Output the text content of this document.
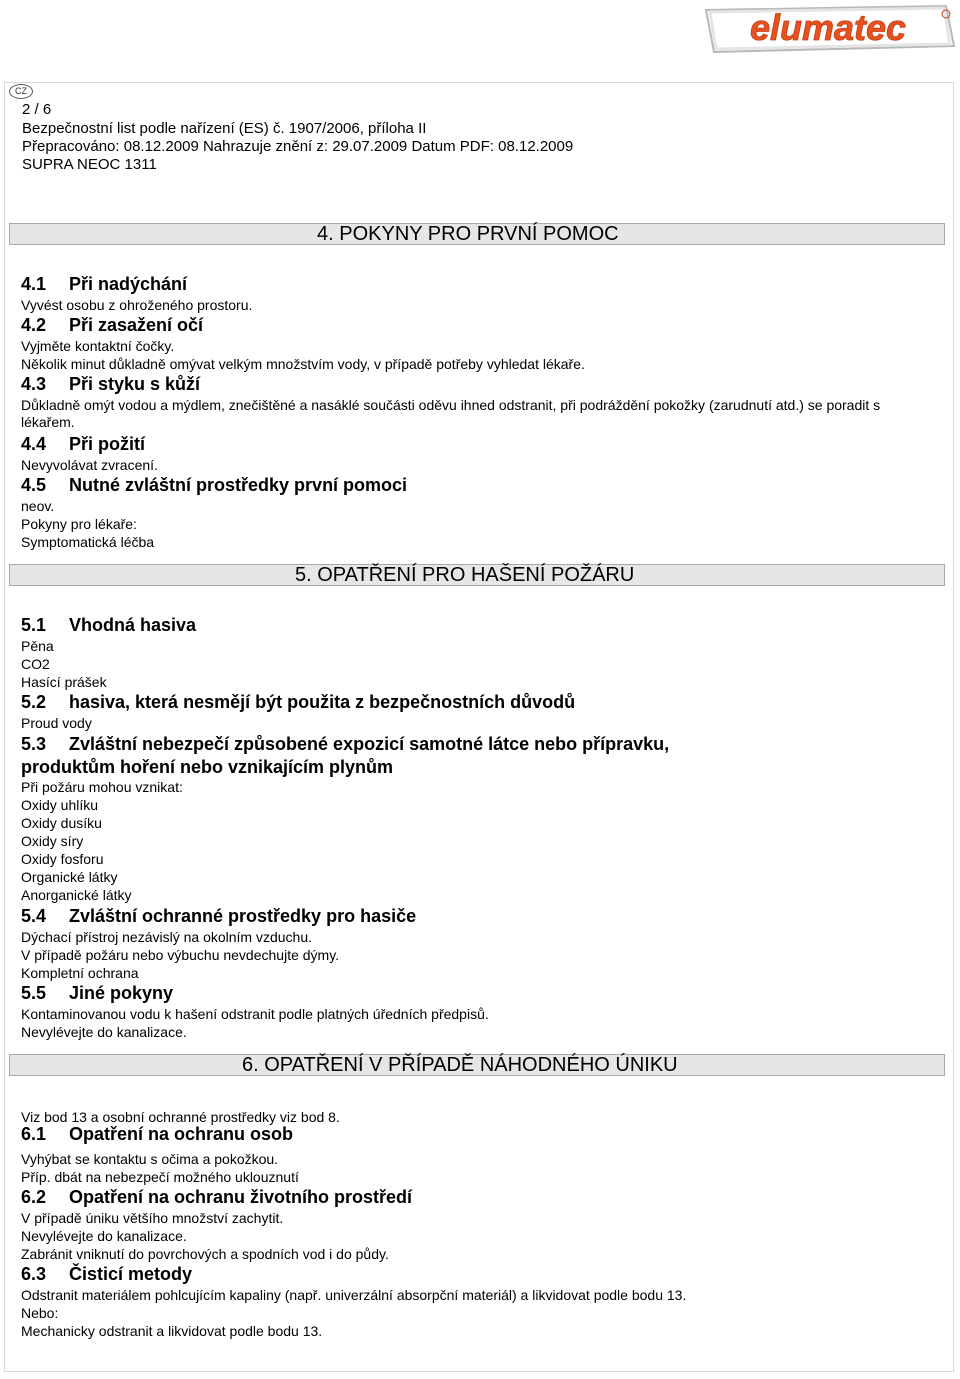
elumatec
CZ
2 / 6
Bezpečnostní list podle nařízení (ES) č. 1907/2006, příloha II
Přepracováno: 08.12.2009 Nahrazuje znění z: 29.07.2009 Datum PDF: 08.12.2009
SUPRA NEOC 1311
4. POKYNY PRO PRVNÍ POMOC
4.1 Při nadýchání
Vyvést osobu z ohroženého prostoru.
4.2 Při zasažení očí
Vyjměte kontaktní čočky.
Několik minut důkladně omývat velkým množstvím vody, v případě potřeby vyhledat lékaře.
4.3 Při styku s kůží
Důkladně omýt vodou a mýdlem, znečištěné a nasáklé součásti oděvu ihned odstranit, při podráždění pokožky (zarudnutí atd.) se poradit s lékařem.
4.4 Při požití
Nevyvolávat zvracení.
4.5 Nutné zvláštní prostředky první pomoci
neov.
Pokyny pro lékaře:
Symptomatická léčba
5. OPATŘENÍ PRO HAŠENÍ POŽÁRU
5.1 Vhodná hasiva
Pěna
CO2
Hasící prášek
5.2 hasiva, která nesmějí být použita z bezpečnostních důvodů
Proud vody
5.3 Zvláštní nebezpečí způsobené expozicí samotné látce nebo přípravku,
produktům hoření nebo vznikajícím plynům
Při požáru mohou vznikat:
Oxidy uhlíku
Oxidy dusíku
Oxidy síry
Oxidy fosforu
Organické látky
Anorganické látky
5.4 Zvláštní ochranné prostředky pro hasiče
Dýchací přístroj nezávislý na okolním vzduchu.
V případě požáru nebo výbuchu nevdechujte dýmy.
Kompletní ochrana
5.5 Jiné pokyny
Kontaminovanou vodu k hašení odstranit podle platných úředních předpisů.
Nevylévejte do kanalizace.
6. OPATŘENÍ V PŘÍPADĚ NÁHODNÉHO ÚNIKU
Viz bod 13 a osobní ochranné prostředky viz bod 8.
6.1 Opatření na ochranu osob
Vyhýbat se kontaktu s očima a pokožkou.
Příp. dbát na nebezpečí možného uklouznutí
6.2 Opatření na ochranu životního prostředí
V případě úniku většího množství zachytit.
Nevylévejte do kanalizace.
Zabránit vniknutí do povrchových a spodních vod i do půdy.
6.3 Čisticí metody
Odstranit materiálem pohlcujícím kapaliny (např. univerzální absorpční materiál) a likvidovat podle bodu 13.
Nebo:
Mechanicky odstranit a likvidovat podle bodu 13.
